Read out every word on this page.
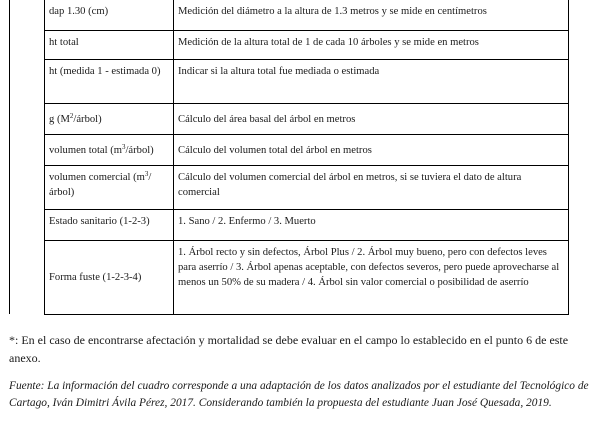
	dap 1.30 (cm)	Medición del diámetro a la altura de 1.3 metros y se mide en centímetros
	ht total	Medición de la altura total de 1 de cada 10 árboles y se mide en metros
	ht (medida 1 - estimada 0)	Indicar si la altura total fue mediada o estimada
	g $(M^2/árbol)$	Cálculo del área basal del árbol en metros
	volumen total $(m^3/árbol)$	Cálculo del volumen total del árbol en metros
	volumen comercial $(m^3/árbol)$	Cálculo del volumen comercial del árbol en metros, si se tuviera el dato de altura comercial
	Estado sanitario (1-2-3)	1. Sano / 2. Enfermo / 3. Muerto
	Forma fuste (1-2-3-4)	1. Árbol recto y sin defectos, Árbol Plus / 2. Árbol muy bueno, pero con defectos leves para aserrío / 3. Árbol apenas aceptable, con defectos severos, pero puede aprovecharse al menos un 50% de su madera / 4. Árbol sin valor comercial o posibilidad de aserrío

*: En el caso de encontrarse afectación y mortalidad se debe evaluar en el campo lo establecido en el punto 6 de este anexo.

Fuente: La información del cuadro corresponde a una adaptación de los datos analizados por el estudiante del Tecnológico de Cartago, Iván Dimitri Ávila Pérez, 2017. Considerando también la propuesta del estudiante Juan José Quesada, 2019.
